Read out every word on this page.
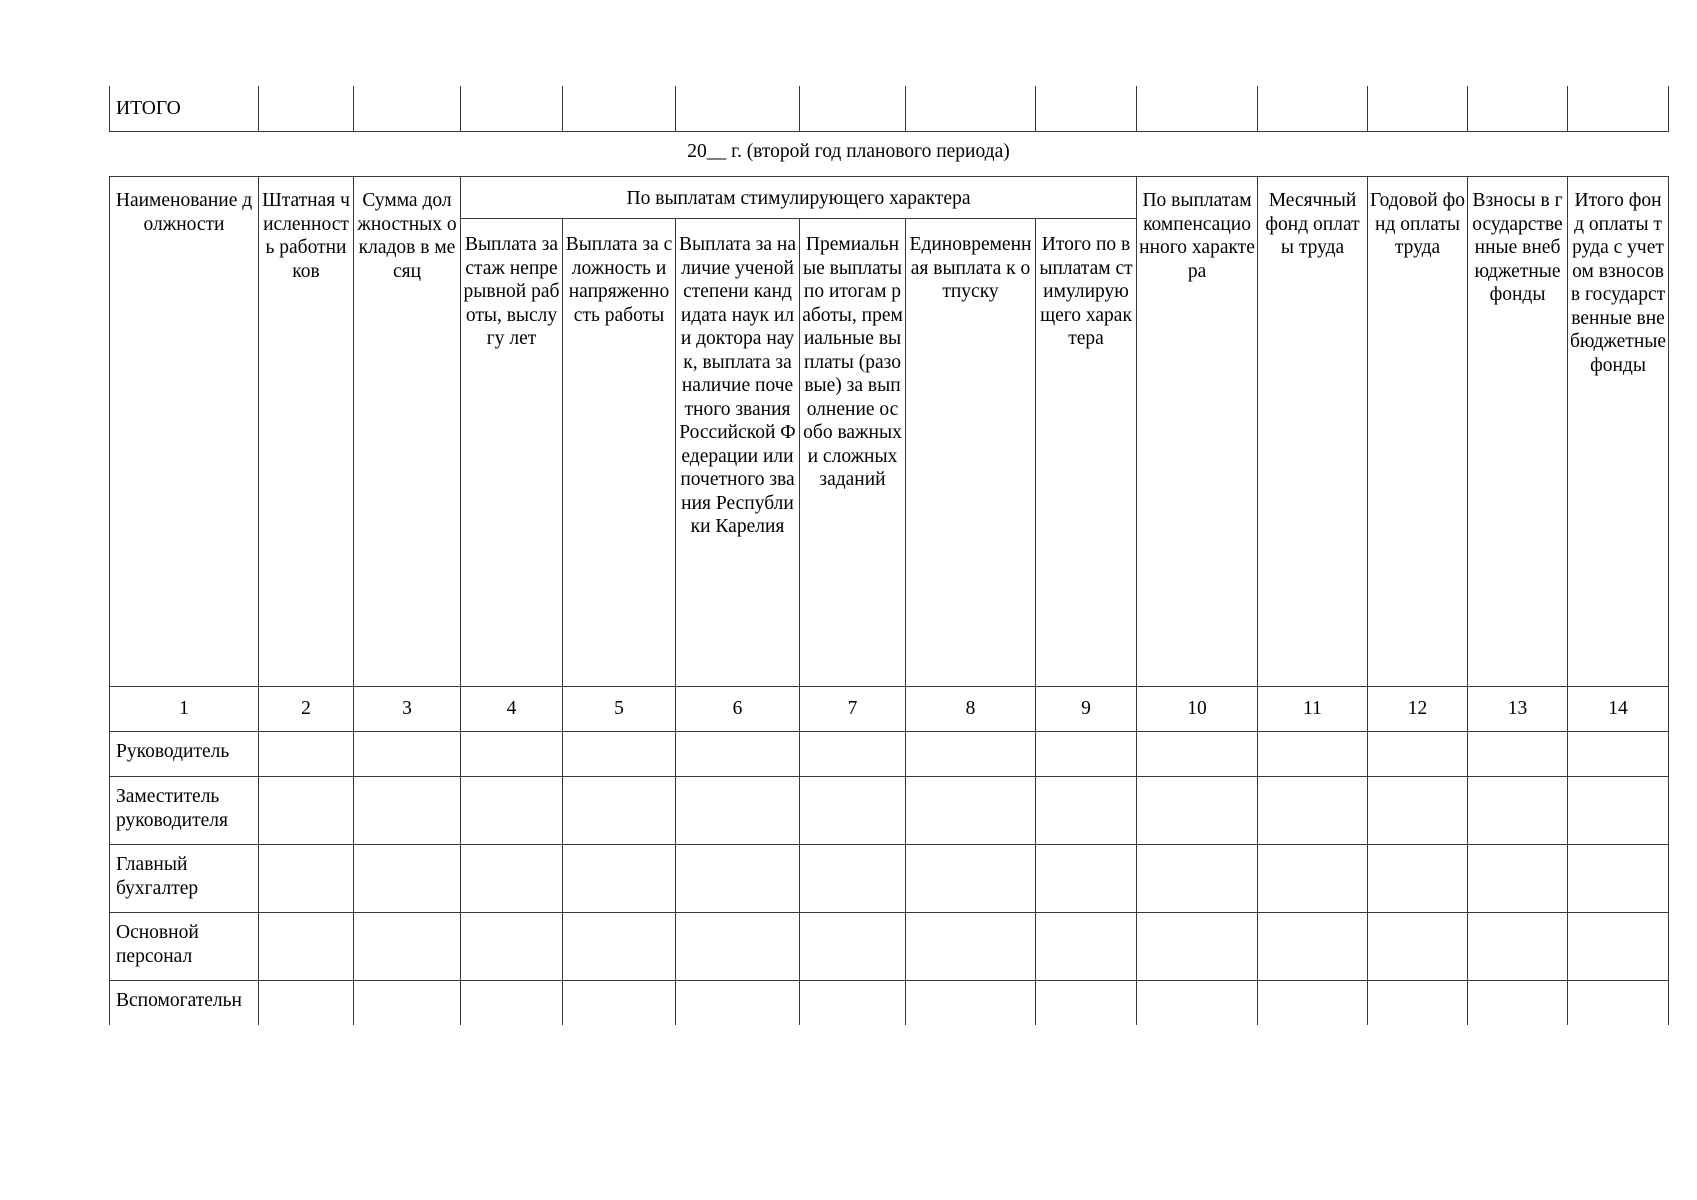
ИТОГО													
20__ г. (второй год планового периода)
Наименование должности	Штатная численность работников	Сумма должностных окладов в месяц	По выплатам стимулирующего характера						По выплатам компенсационного характера	Месячный фонд оплаты труда	Годовой фонд оплаты труда	Взносы в государственные внебюджетные фонды	Итого фонд оплаты труда с учетом взносов в государственные внебюджетные фонды
			Выплата за стаж непрерывной работы, выслугу лет	Выплата за сложность и напряженность работы	Выплата за наличие ученой степени кандидата наук или доктора наук, выплата за наличие почетного звания Российской Федерации или почетного звания Республики Карелия	Премиальные выплаты по итогам работы, премиальные выплаты (разовые) за выполнение особо важных и сложных заданий	Единовременная выплата к отпуску	Итого по выплатам стимулирующего характера					
1	2	3	4	5	6	7	8	9	10	11	12	13	14
Руководитель													
Заместитель руководителя													
Главный бухгалтер													
Основной персонал													
Вспомогательн													
